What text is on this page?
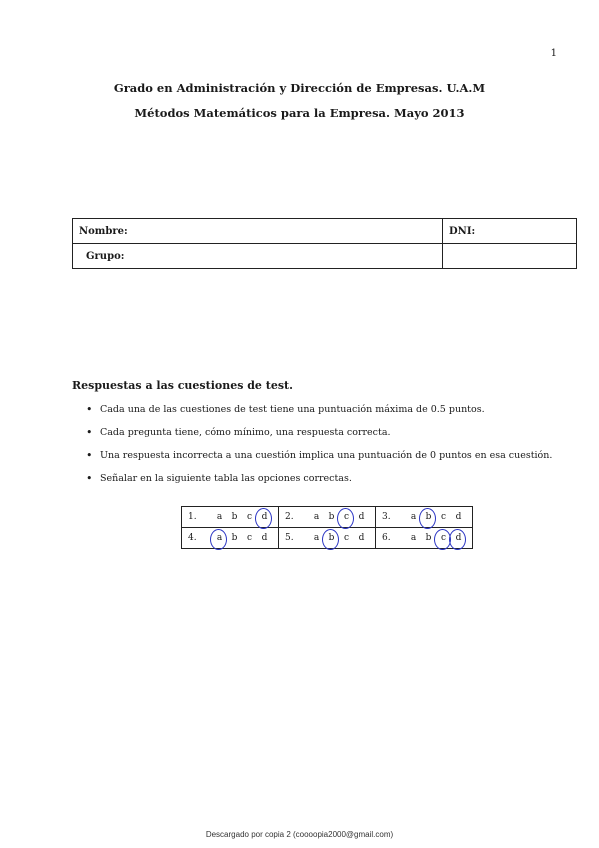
1

Grado en Administración y Dirección de Empresas. U.A.M

Métodos Matemáticos para la Empresa. Mayo 2013

Nombre:	DNI:
Grupo:	
Respuestas a las cuestiones de test.
• Cada una de las cuestiones de test tiene una puntuación máxima de 0.5 puntos.
• Cada pregunta tiene, cómo mínimo, una respuesta correcta.
• Una respuesta incorrecta a una cuestión implica una puntuación de 0 puntos en esa cuestión.
• Señalar en la siguiente tabla las opciones correctas.
1. a b c d	2. a b c d	3. a b c d
4. a b c d	5. a b c d	6. a b c d
Descargado por copia 2 (coooopia2000@gmail.com)
